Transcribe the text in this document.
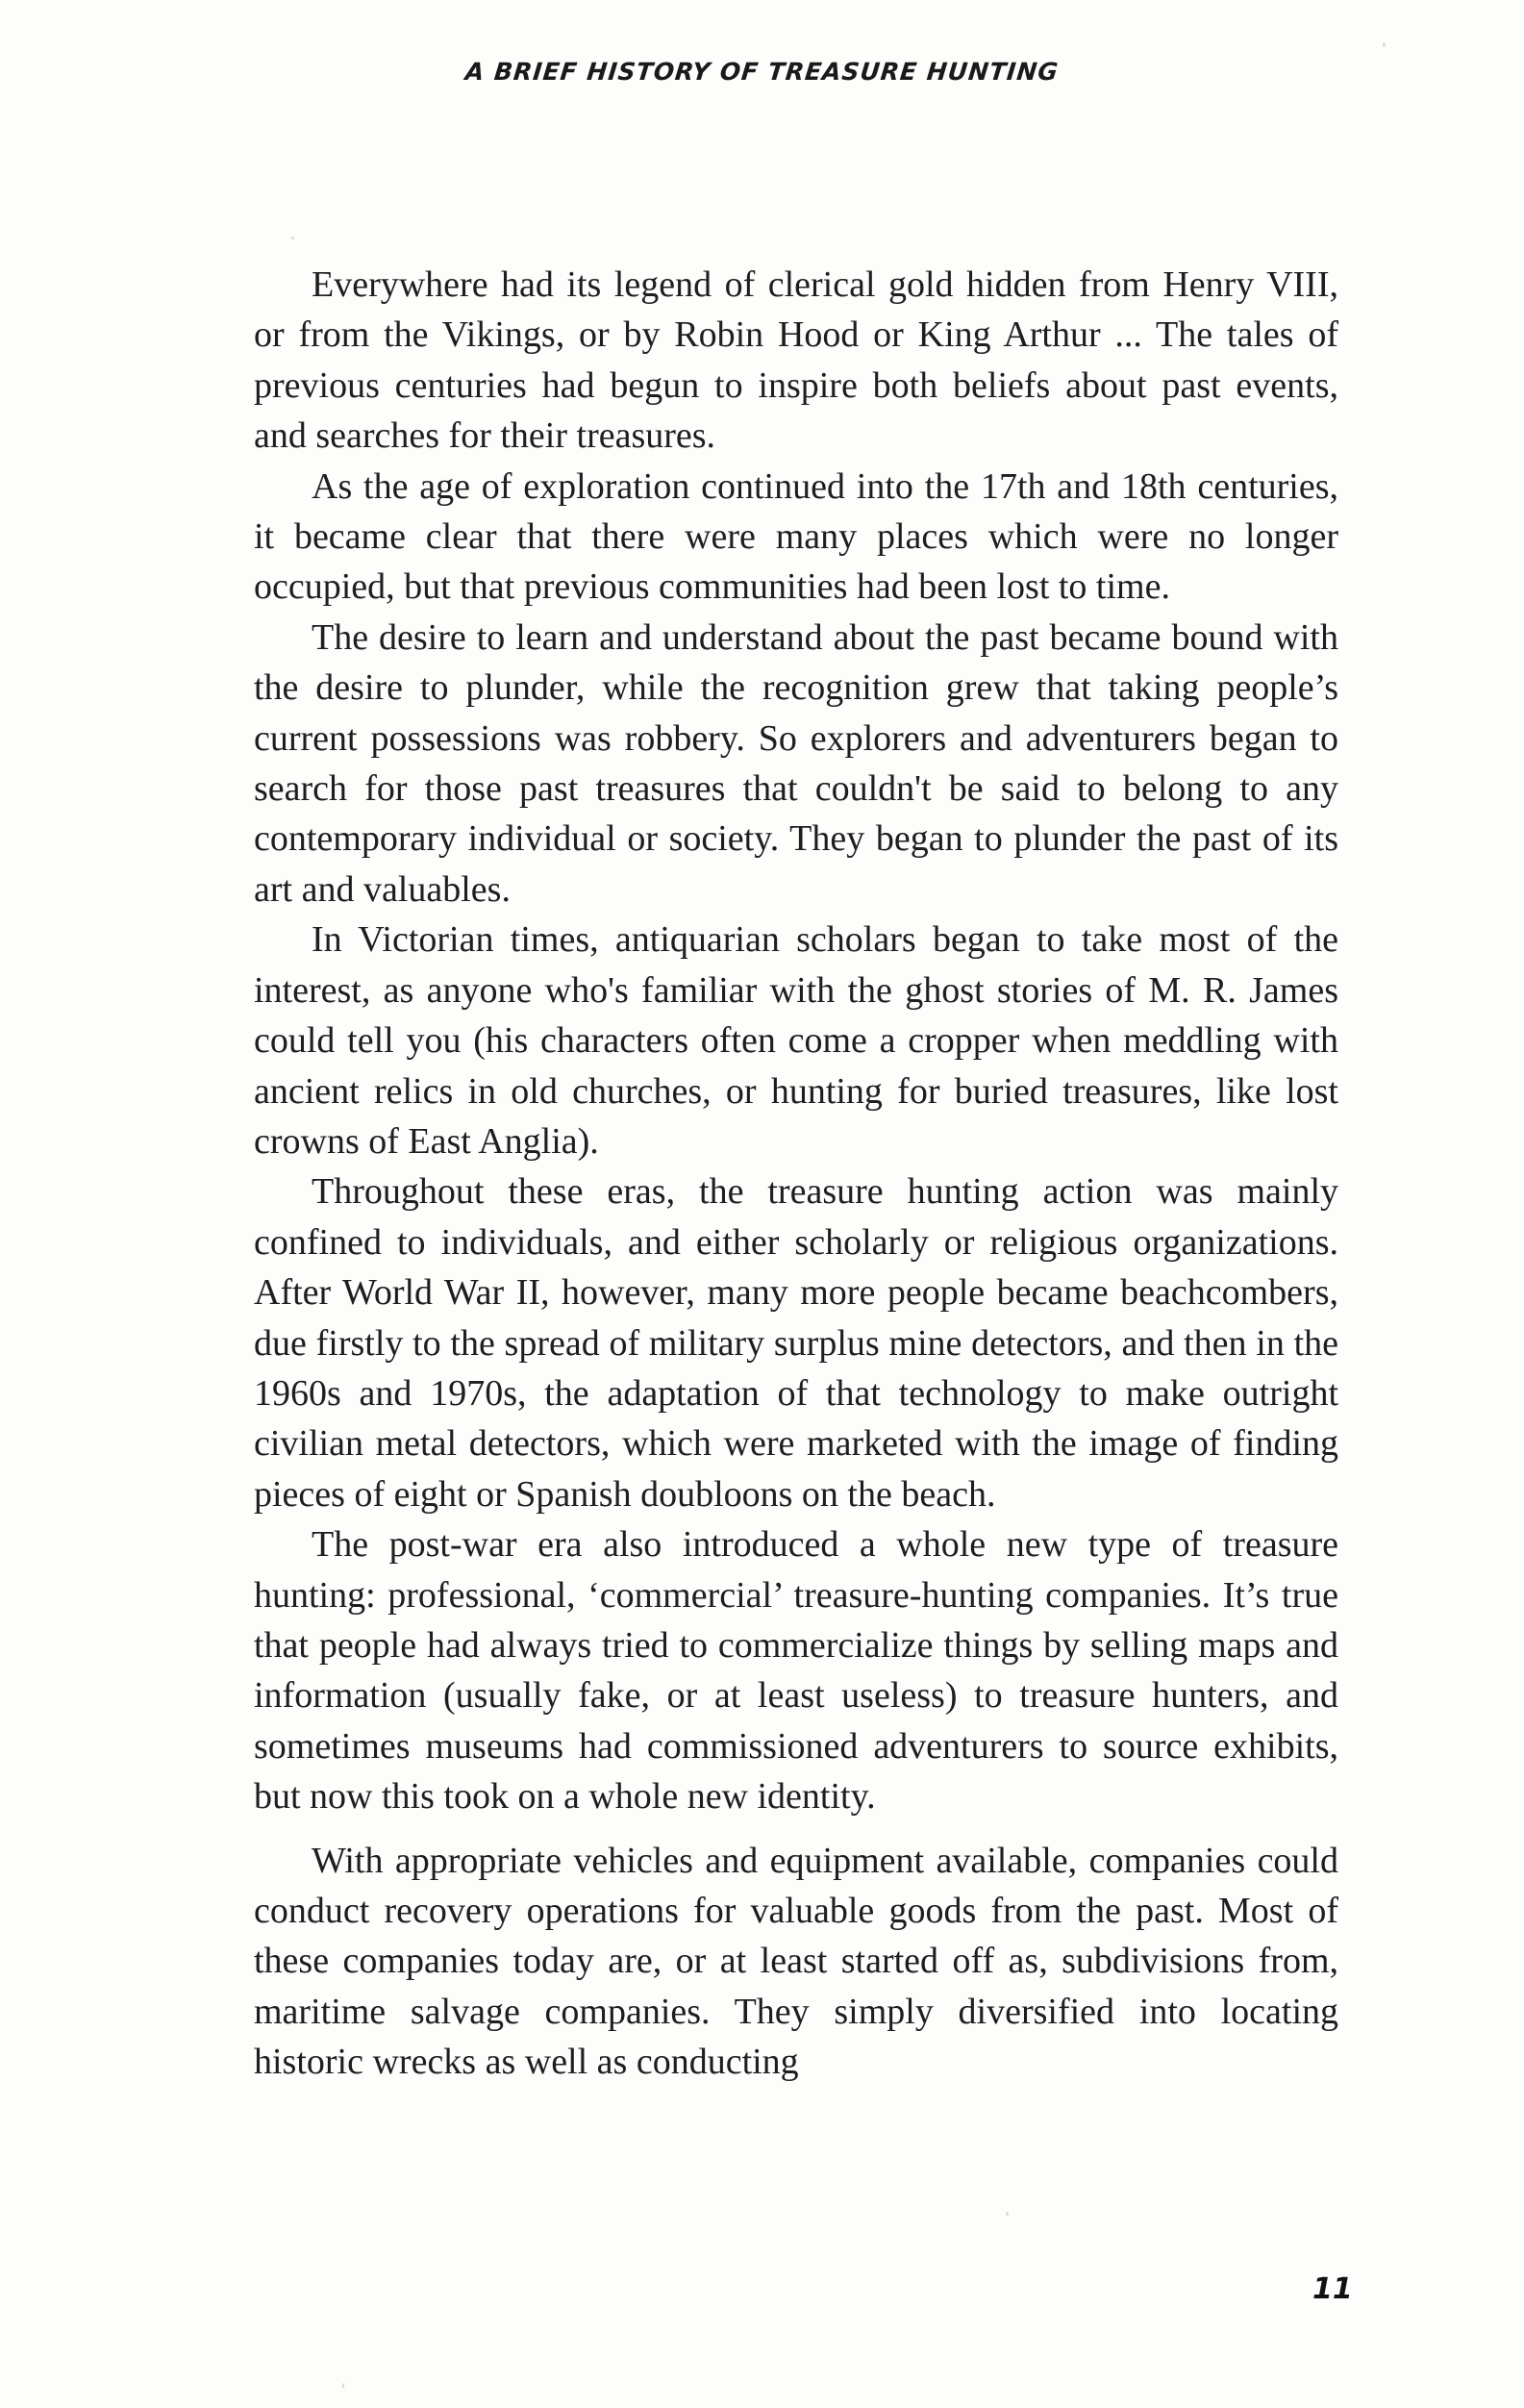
A BRIEF HISTORY OF TREASURE HUNTING

Everywhere had its legend of clerical gold hidden from Henry VIII, or from the Vikings, or by Robin Hood or King Arthur ... The tales of previous centuries had begun to inspire both beliefs about past events, and searches for their treasures.

As the age of exploration continued into the 17th and 18th centuries, it became clear that there were many places which were no longer occupied, but that previous communities had been lost to time.

The desire to learn and understand about the past became bound with the desire to plunder, while the recognition grew that taking people’s current possessions was robbery. So explorers and adventurers began to search for those past treasures that couldn't be said to belong to any contemporary individual or society. They began to plunder the past of its art and valuables.

In Victorian times, antiquarian scholars began to take most of the interest, as anyone who's familiar with the ghost stories of M. R. James could tell you (his characters often come a cropper when meddling with ancient relics in old churches, or hunting for buried treasures, like lost crowns of East Anglia).

Throughout these eras, the treasure hunting action was mainly confined to individuals, and either scholarly or religious organizations. After World War II, however, many more people became beachcombers, due firstly to the spread of military surplus mine detectors, and then in the 1960s and 1970s, the adaptation of that technology to make outright civilian metal detectors, which were marketed with the image of finding pieces of eight or Spanish doubloons on the beach.

The post-war era also introduced a whole new type of treasure hunting: professional, ‘commercial’ treasure-hunting companies. It’s true that people had always tried to commercialize things by selling maps and information (usually fake, or at least useless) to treasure hunters, and sometimes museums had commissioned adventurers to source exhibits, but now this took on a whole new identity.

With appropriate vehicles and equipment available, companies could conduct recovery operations for valuable goods from the past. Most of these companies today are, or at least started off as, subdivisions from, maritime salvage companies. They simply diversified into locating historic wrecks as well as conducting

11
